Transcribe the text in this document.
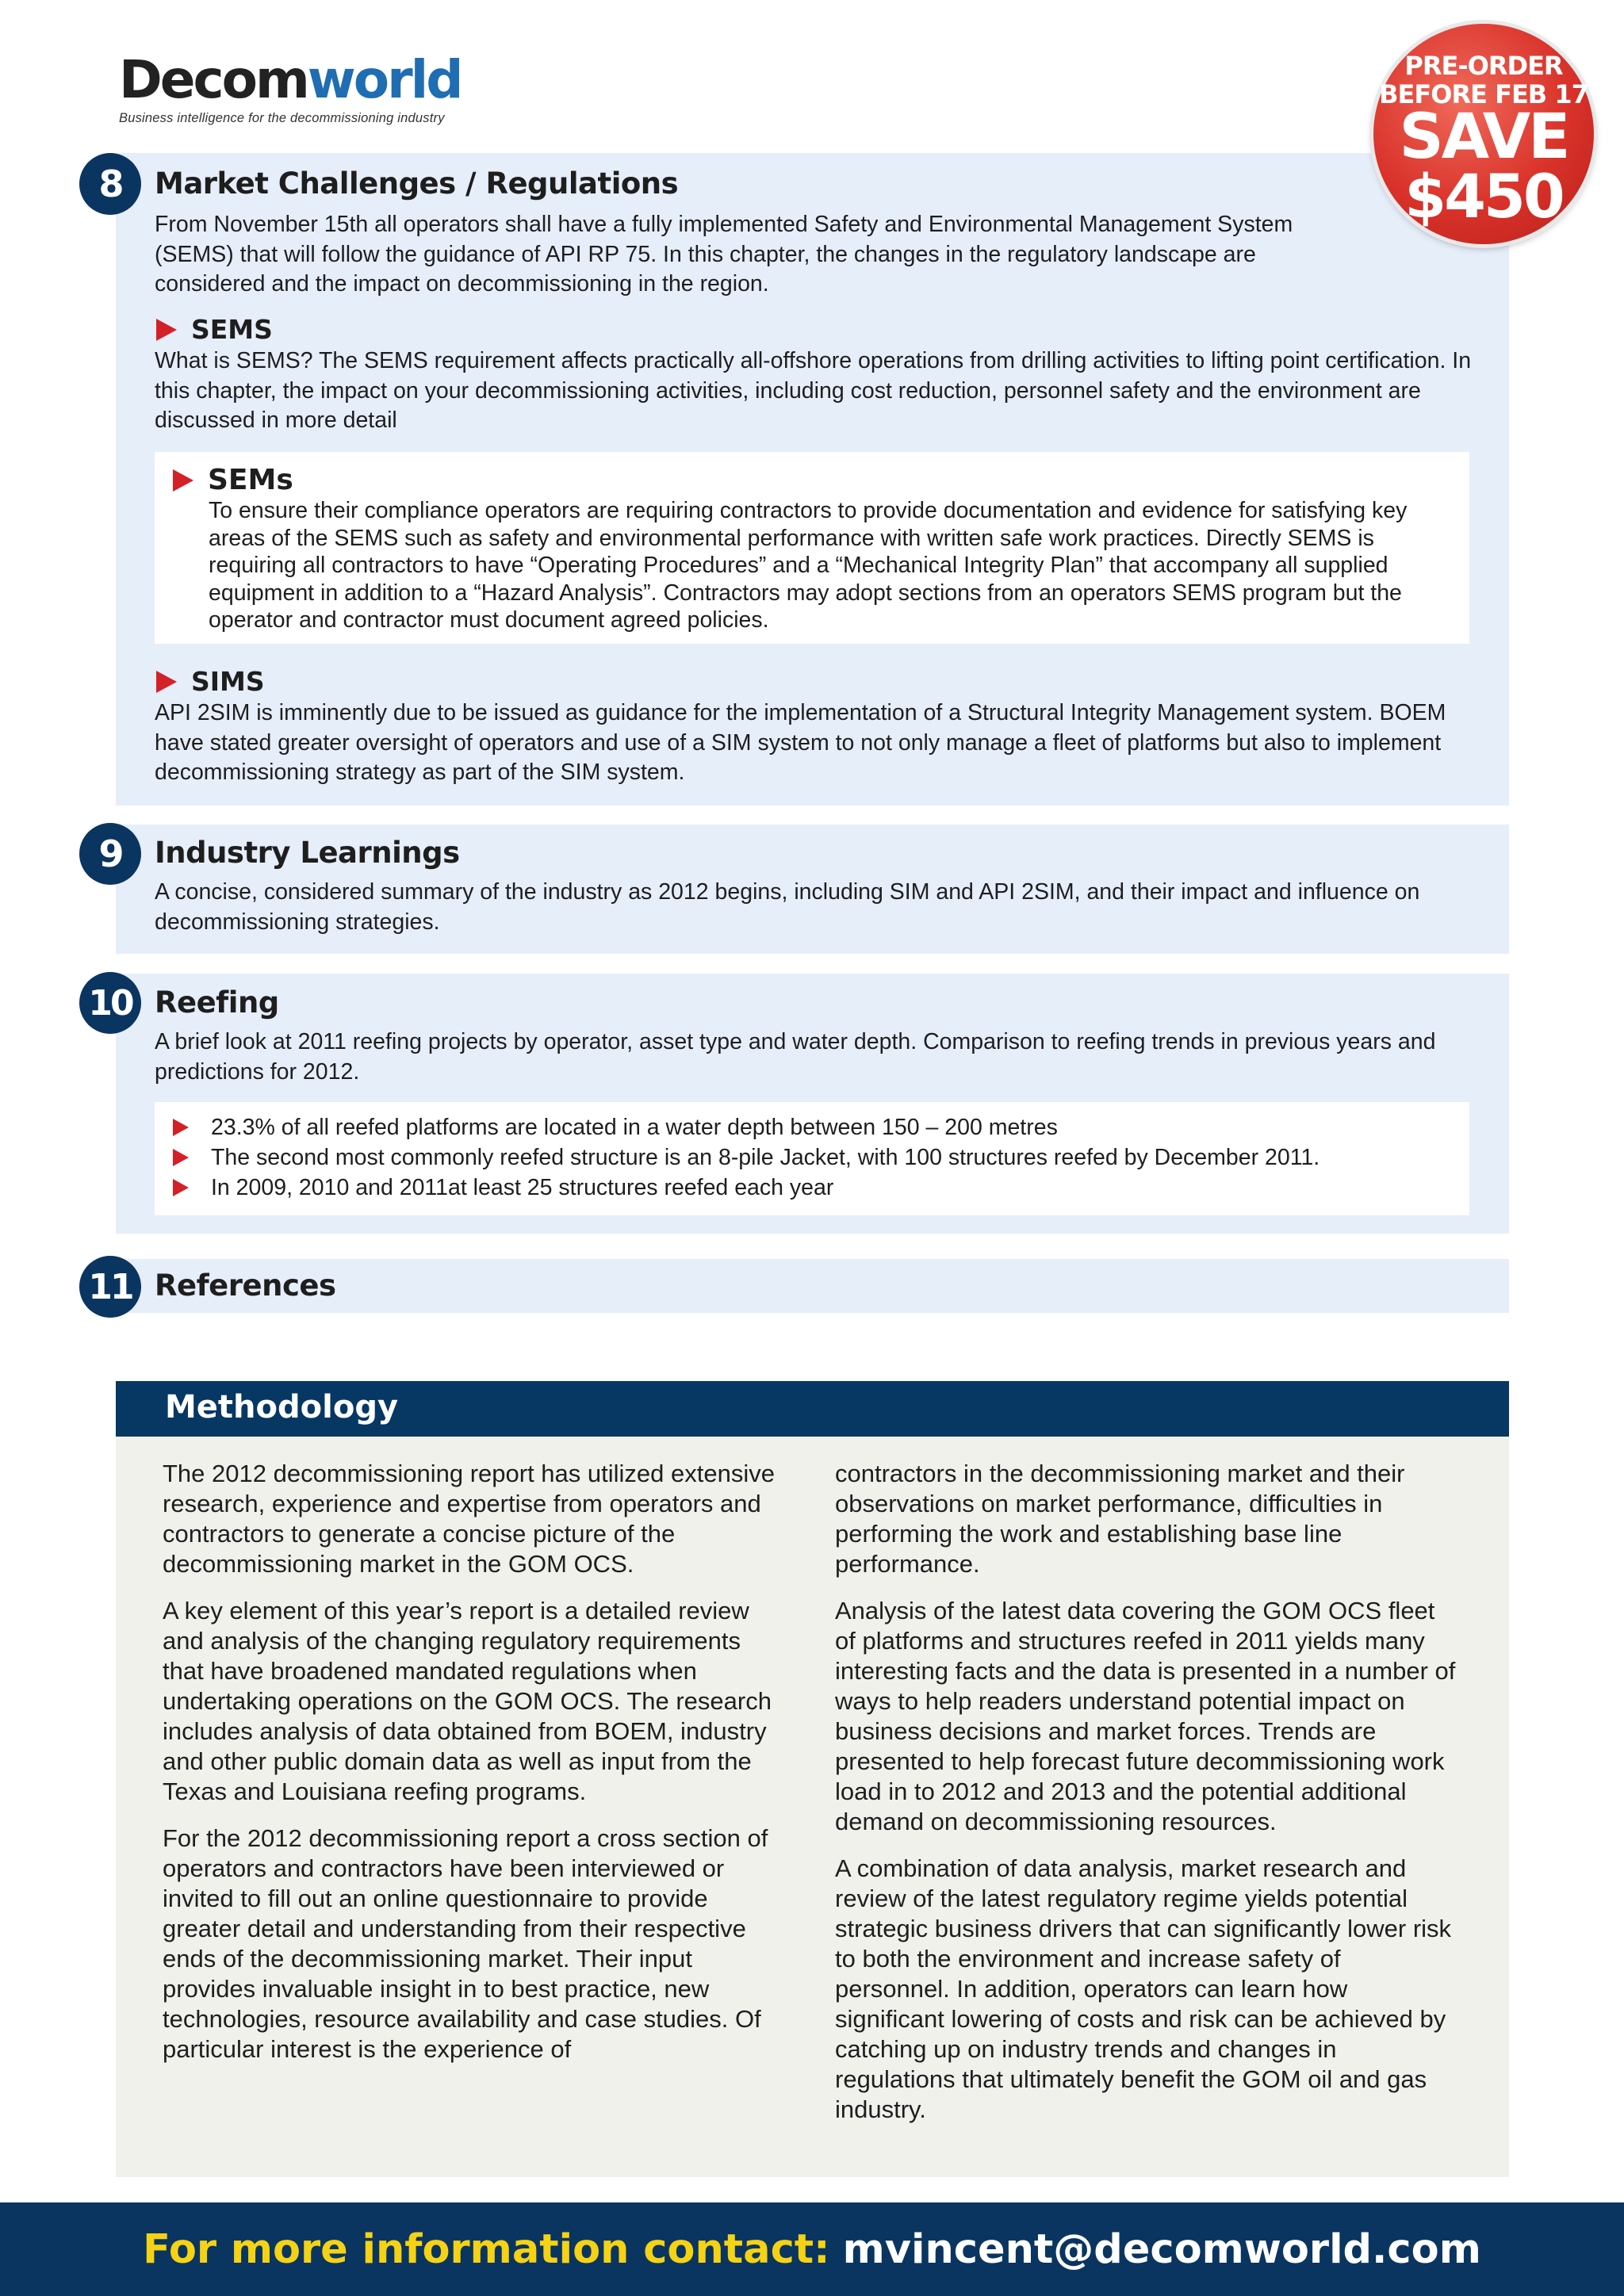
Decomworld
Business intelligence for the decommissioning industry
8	Market Challenges / Regulations
From November 15th all operators shall have a fully implemented Safety and Environmental Management System (SEMS) that will follow the guidance of API RP 75. In this chapter, the changes in the regulatory landscape are considered and the impact on decommissioning in the region.
SEMS
What is SEMS? The SEMS requirement affects practically all-offshore operations from drilling activities to lifting point certification. In this chapter, the impact on your decommissioning activities, including cost reduction, personnel safety and the environment are discussed in more detail
SEMs
To ensure their compliance operators are requiring contractors to provide documentation and evidence for satisfying key areas of the SEMS such as safety and environmental performance with written safe work practices. Directly SEMS is requiring all contractors to have “Operating Procedures” and a “Mechanical Integrity Plan” that accompany all supplied equipment in addition to a “Hazard Analysis”. Contractors may adopt sections from an operators SEMS program but the operator and contractor must document agreed policies.
SIMS
API 2SIM is imminently due to be issued as guidance for the implementation of a Structural Integrity Management system. BOEM have stated greater oversight of operators and use of a SIM system to not only manage a fleet of platforms but also to implement decommissioning strategy as part of the SIM system.
9	Industry Learnings
A concise, considered summary of the industry as 2012 begins, including SIM and API 2SIM, and their impact and influence on decommissioning strategies.
10 Reefing
A brief look at 2011 reefing projects by operator, asset type and water depth. Comparison to reefing trends in previous years and predictions for 2012.
23.3% of all reefed platforms are located in a water depth between 150 – 200 metres
The second most commonly reefed structure is an 8-pile Jacket, with 100 structures reefed by December 2011.
In 2009, 2010 and 2011at least 25 structures reefed each year
11 References
Methodology

The 2012 decommissioning report has utilized extensive research, experience and expertise from operators and contractors to generate a concise picture of the decommissioning market in the GOM OCS.

A key element of this year’s report is a detailed review and analysis of the changing regulatory requirements that have broadened mandated regulations when undertaking operations on the GOM OCS. The research includes analysis of data obtained from BOEM, industry and other public domain data as well as input from the Texas and Louisiana reefing programs.

For the 2012 decommissioning report a cross section of operators and contractors have been interviewed or invited to fill out an online questionnaire to provide greater detail and understanding from their respective ends of the decommissioning market. Their input provides invaluable insight in to best practice, new technologies, resource availability and case studies. Of particular interest is the experience of

contractors in the decommissioning market and their observations on market performance, difficulties in performing the work and establishing base line performance.

Analysis of the latest data covering the GOM OCS fleet of platforms and structures reefed in 2011 yields many interesting facts and the data is presented in a number of ways to help readers understand potential impact on business decisions and market forces. Trends are presented to help forecast future decommissioning work load in to 2012 and 2013 and the potential additional demand on decommissioning resources.

A combination of data analysis, market research and review of the latest regulatory regime yields potential strategic business drivers that can significantly lower risk to both the environment and increase safety of personnel. In addition, operators can learn how significant lowering of costs and risk can be achieved by catching up on industry trends and changes in regulations that ultimately benefit the GOM oil and gas industry.

PRE-ORDER
BEFORE FEB 17
SAVE
$450
For more information contact: mvincent@decomworld.com
